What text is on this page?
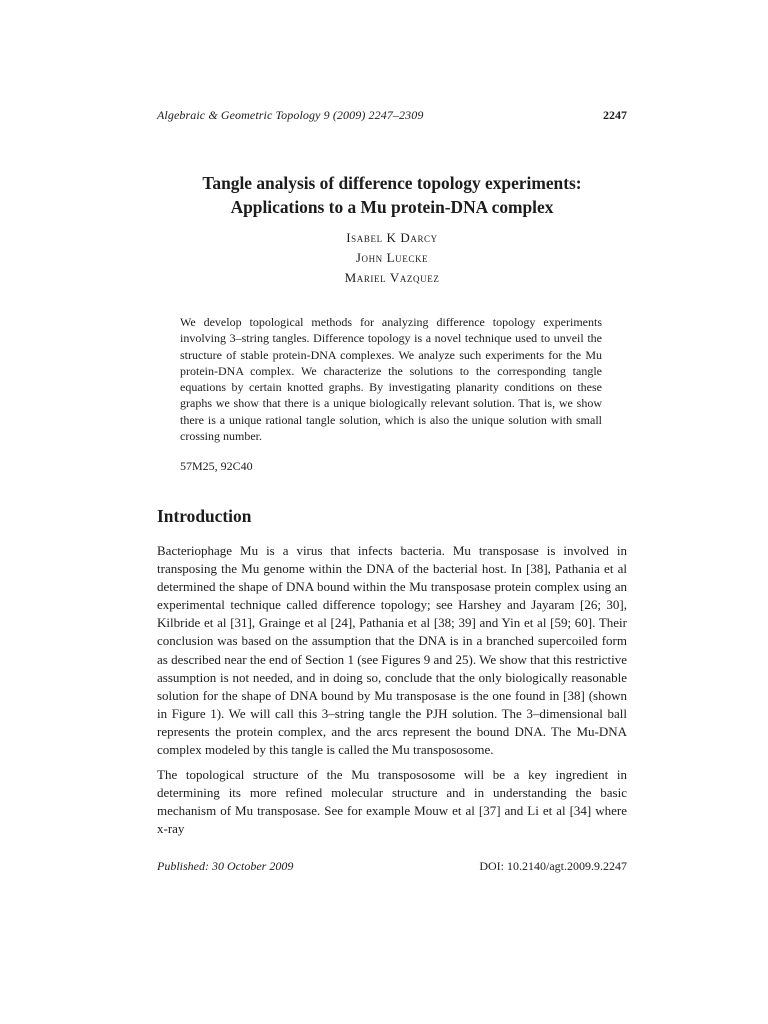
Algebraic & Geometric Topology 9 (2009) 2247–2309	2247
Tangle analysis of difference topology experiments:
Applications to a Mu protein-DNA complex
Isabel K Darcy
John Luecke
Mariel Vazquez
We develop topological methods for analyzing difference topology experiments involving 3–string tangles. Difference topology is a novel technique used to unveil the structure of stable protein-DNA complexes. We analyze such experiments for the Mu protein-DNA complex. We characterize the solutions to the corresponding tangle equations by certain knotted graphs. By investigating planarity conditions on these graphs we show that there is a unique biologically relevant solution. That is, we show there is a unique rational tangle solution, which is also the unique solution with small crossing number.
57M25, 92C40
Introduction

Bacteriophage Mu is a virus that infects bacteria. Mu transposase is involved in transposing the Mu genome within the DNA of the bacterial host. In [38], Pathania et al determined the shape of DNA bound within the Mu transposase protein complex using an experimental technique called difference topology; see Harshey and Jayaram [26; 30], Kilbride et al [31], Grainge et al [24], Pathania et al [38; 39] and Yin et al [59; 60]. Their conclusion was based on the assumption that the DNA is in a branched supercoiled form as described near the end of Section 1 (see Figures 9 and 25). We show that this restrictive assumption is not needed, and in doing so, conclude that the only biologically reasonable solution for the shape of DNA bound by Mu transposase is the one found in [38] (shown in Figure 1). We will call this 3–string tangle the PJH solution. The 3–dimensional ball represents the protein complex, and the arcs represent the bound DNA. The Mu-DNA complex modeled by this tangle is called the Mu transpososome.

The topological structure of the Mu transpososome will be a key ingredient in determining its more refined molecular structure and in understanding the basic mechanism of Mu transposase. See for example Mouw et al [37] and Li et al [34] where x-ray

Published: 30 October 2009	DOI: 10.2140/agt.2009.9.2247
